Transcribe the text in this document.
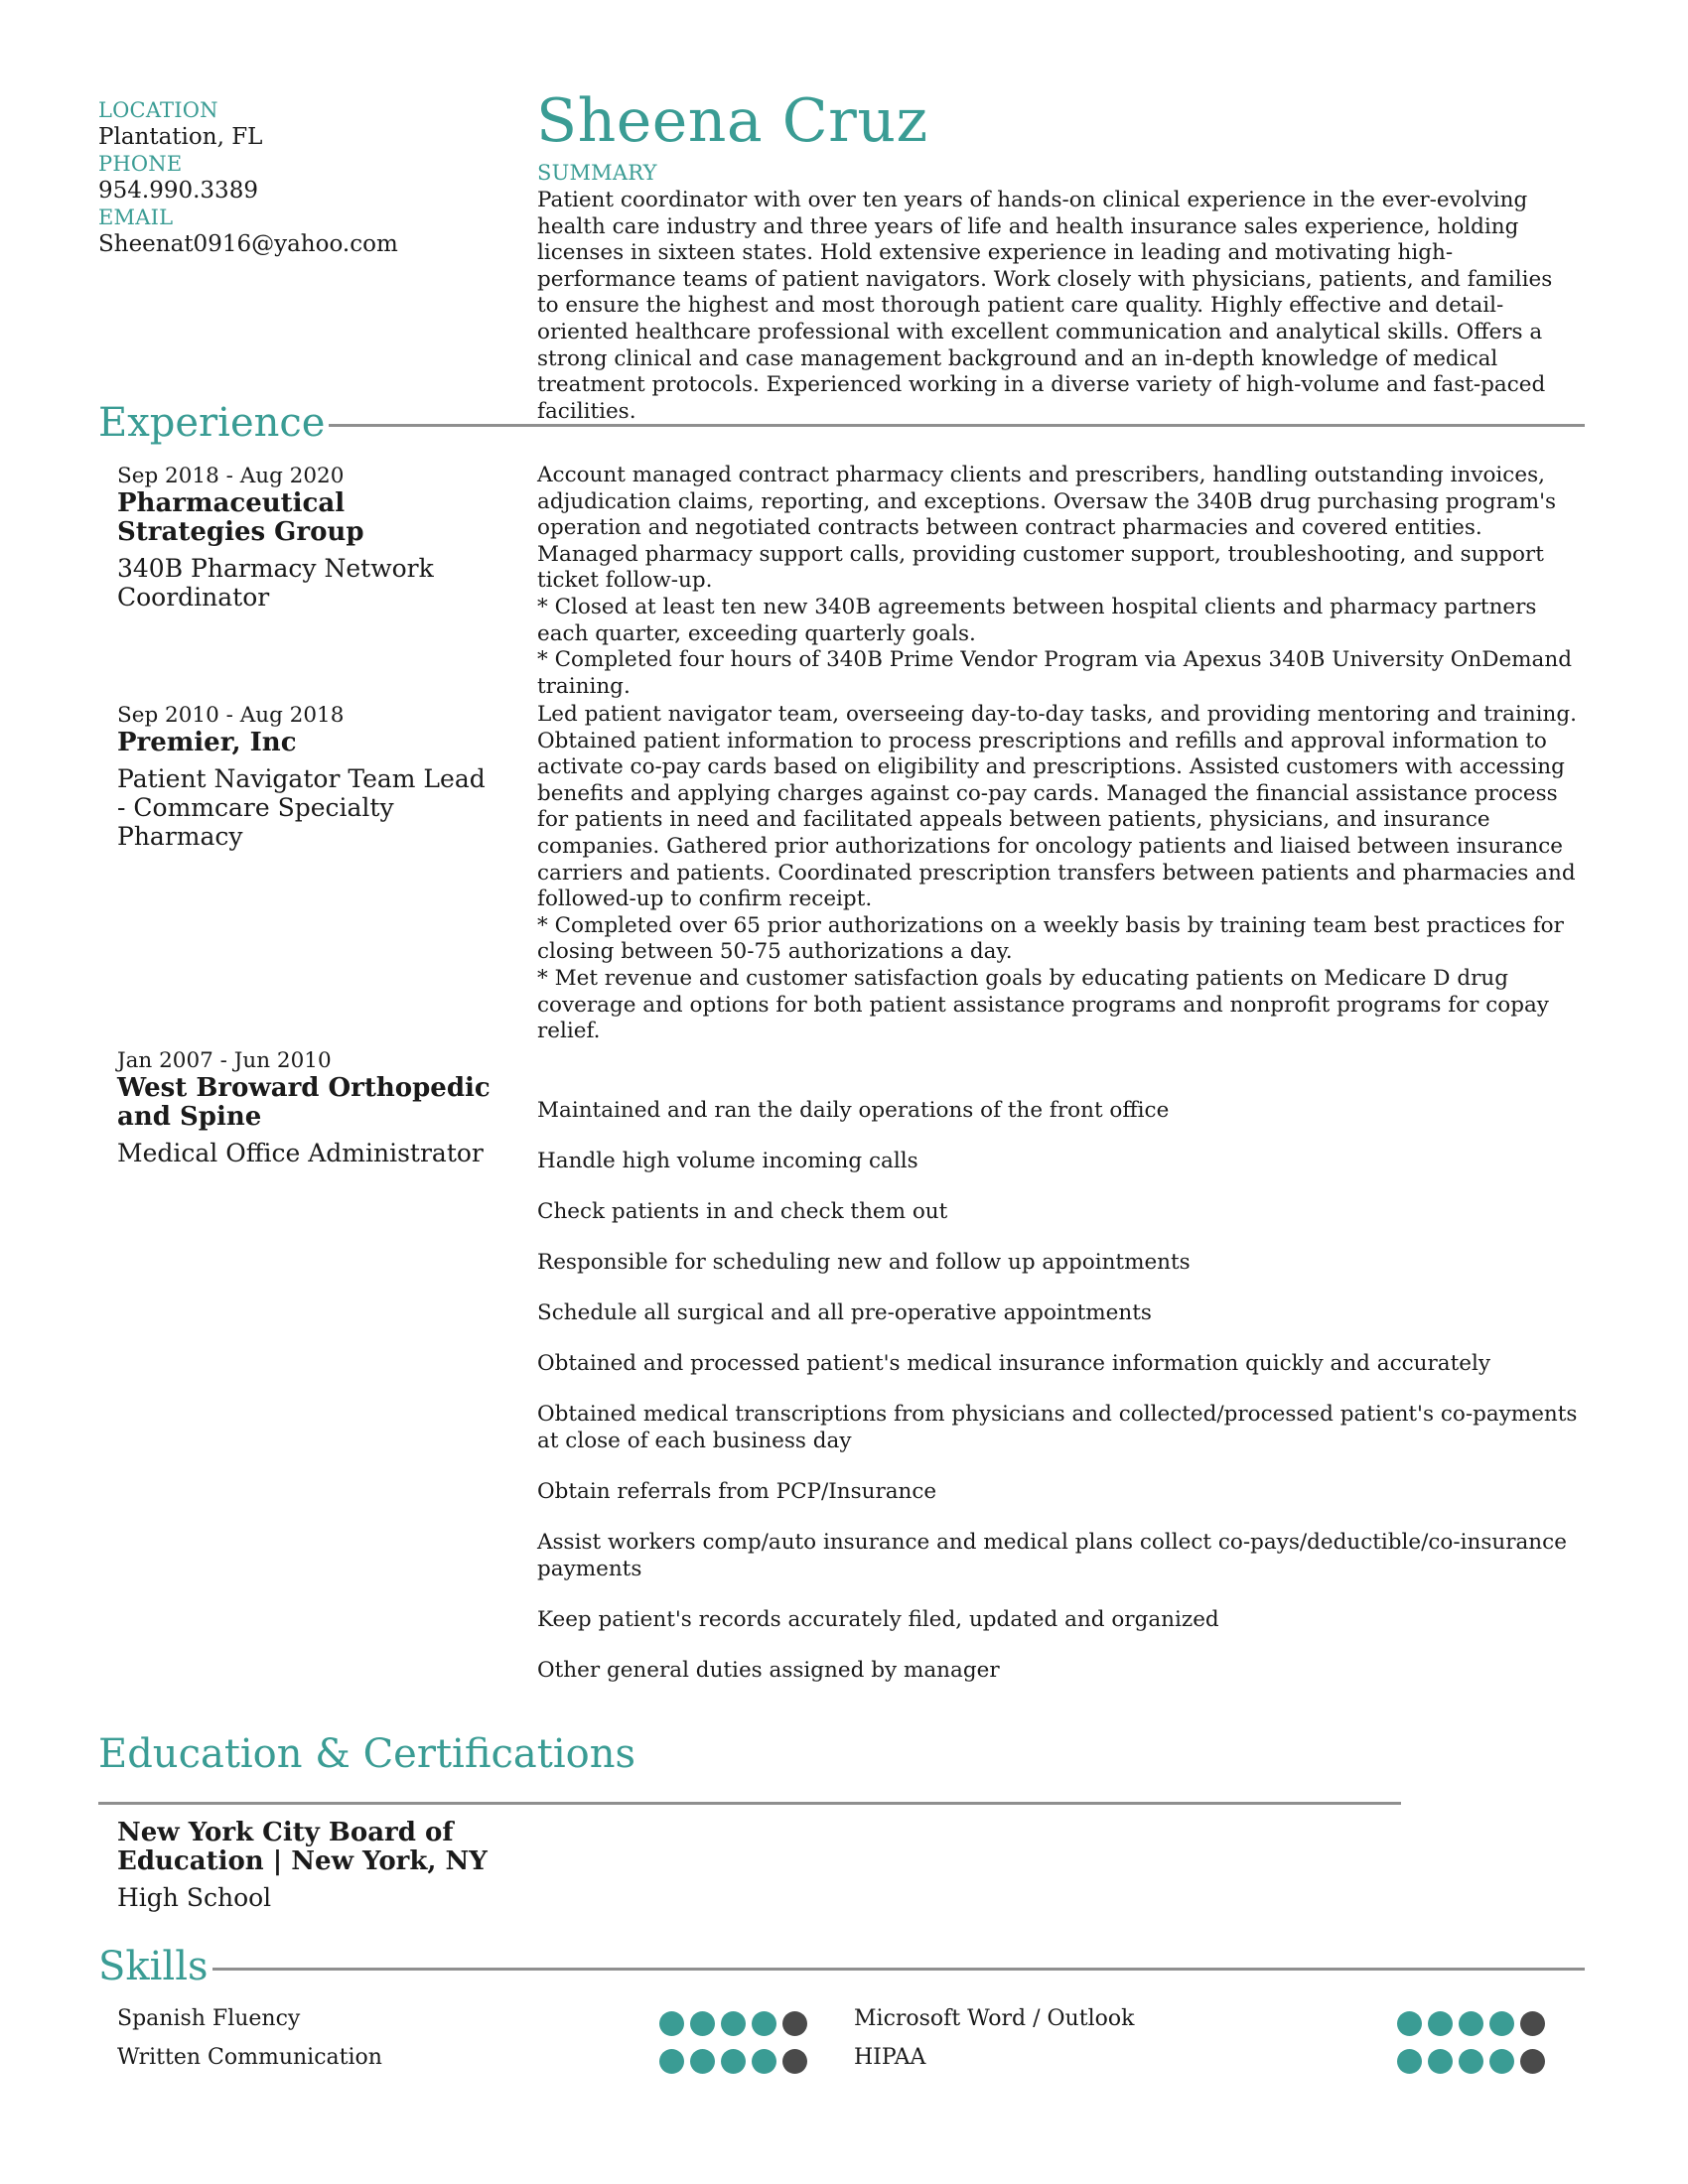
LOCATION
Plantation, FL
PHONE
954.990.3389
EMAIL
Sheenat0916@yahoo.com
Sheena Cruz
SUMMARY
Patient coordinator with over ten years of hands-on clinical experience in the ever-evolving health care industry and three years of life and health insurance sales experience, holding licenses in sixteen states. Hold extensive experience in leading and motivating high-performance teams of patient navigators. Work closely with physicians, patients, and families to ensure the highest and most thorough patient care quality. Highly effective and detail-oriented healthcare professional with excellent communication and analytical skills. Offers a strong clinical and case management background and an in-depth knowledge of medical treatment protocols. Experienced working in a diverse variety of high-volume and fast-paced facilities.
Experience
Sep 2018 - Aug 2020
Pharmaceutical Strategies Group
340B Pharmacy Network Coordinator
Account managed contract pharmacy clients and prescribers, handling outstanding invoices, adjudication claims, reporting, and exceptions. Oversaw the 340B drug purchasing program's operation and negotiated contracts between contract pharmacies and covered entities. Managed pharmacy support calls, providing customer support, troubleshooting, and support ticket follow-up.
* Closed at least ten new 340B agreements between hospital clients and pharmacy partners each quarter, exceeding quarterly goals.
* Completed four hours of 340B Prime Vendor Program via Apexus 340B University OnDemand training.
Sep 2010 - Aug 2018
Premier, Inc
Patient Navigator Team Lead - Commcare Specialty Pharmacy
Led patient navigator team, overseeing day-to-day tasks, and providing mentoring and training. Obtained patient information to process prescriptions and refills and approval information to activate co-pay cards based on eligibility and prescriptions. Assisted customers with accessing benefits and applying charges against co-pay cards. Managed the financial assistance process for patients in need and facilitated appeals between patients, physicians, and insurance companies. Gathered prior authorizations for oncology patients and liaised between insurance carriers and patients. Coordinated prescription transfers between patients and pharmacies and followed-up to confirm receipt.
* Completed over 65 prior authorizations on a weekly basis by training team best practices for closing between 50-75 authorizations a day.
* Met revenue and customer satisfaction goals by educating patients on Medicare D drug coverage and options for both patient assistance programs and nonprofit programs for copay relief.
Jan 2007 - Jun 2010
West Broward Orthopedic and Spine
Medical Office Administrator
Maintained and ran the daily operations of the front office
Handle high volume incoming calls
Check patients in and check them out
Responsible for scheduling new and follow up appointments
Schedule all surgical and all pre-operative appointments
Obtained and processed patient's medical insurance information quickly and accurately
Obtained medical transcriptions from physicians and collected/processed patient's co-payments at close of each business day
Obtain referrals from PCP/Insurance
Assist workers comp/auto insurance and medical plans collect co-pays/deductible/co-insurance payments
Keep patient's records accurately filed, updated and organized
Other general duties assigned by manager
Education & Certifications
New York City Board of Education | New York, NY
High School
Skills
Spanish Fluency
Written Communication
Microsoft Word / Outlook
HIPAA
